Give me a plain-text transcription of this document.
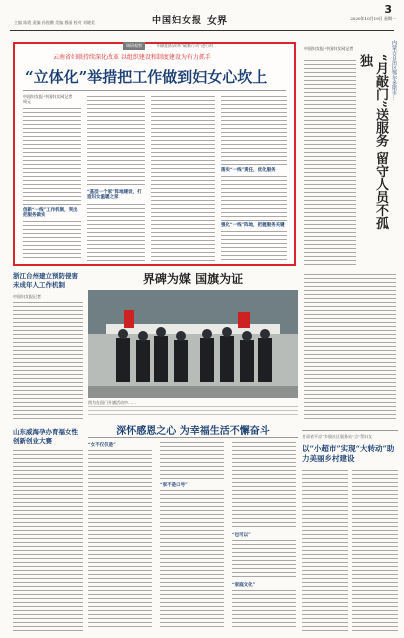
3
中国妇女报 女界	2020年10月19日 星期一
主编 陈霞 责编 孙锐鹏 美编 穆丽 校对 刘晓美
调研观察	妇联组织改革“破难行动”进行时
云南省妇联持续深化改革 以组织建设和制度建设为有力抓手
“立体化”举措把工作做到妇女心坎上
中国妇女报·中国妇女网记者 周元
创新“一线”工作机制，突出把服务做实
“基层一个家”阵地建设，打造妇女温暖之家
落实“一线”责任，优化服务
强化“一线”阵地，把握服务关键
内蒙古自治区鄂尔多斯市…
“月敲门”送服务 留守人员不孤独
中国妇女报·中国妇女网记者
浙江台州建立预防侵害未成年人工作机制
中国妇女报记者
界碑为媒 国旗为证
图为在国门升旗活动中……
山东威海孕办育福女性创新创业大赛
深怀感恩之心 为幸福生活不懈奋斗
“女不仅仅是”
“家不是口号”
“也可以”
“家庭文化”
甘肃省平凉“乡镇社区服务站”点”帮妇女
以“小超市”实现“大转动”助力美丽乡村建设
